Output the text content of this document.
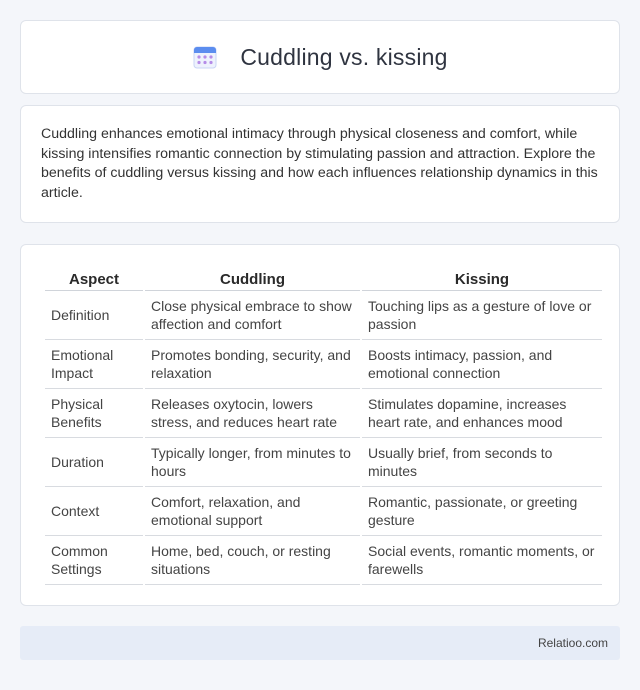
Cuddling vs. kissing

Cuddling enhances emotional intimacy through physical closeness and comfort, while kissing intensifies romantic connection by stimulating passion and attraction. Explore the benefits of cuddling versus kissing and how each influences relationship dynamics in this article.

Aspect	Cuddling	Kissing
Definition	Close physical embrace to show affection and comfort	Touching lips as a gesture of love or passion
Emotional Impact	Promotes bonding, security, and relaxation	Boosts intimacy, passion, and emotional connection
Physical Benefits	Releases oxytocin, lowers stress, and reduces heart rate	Stimulates dopamine, increases heart rate, and enhances mood
Duration	Typically longer, from minutes to hours	Usually brief, from seconds to minutes
Context	Comfort, relaxation, and emotional support	Romantic, passionate, or greeting gesture
Common Settings	Home, bed, couch, or resting situations	Social events, romantic moments, or farewells
Relatioo.com
